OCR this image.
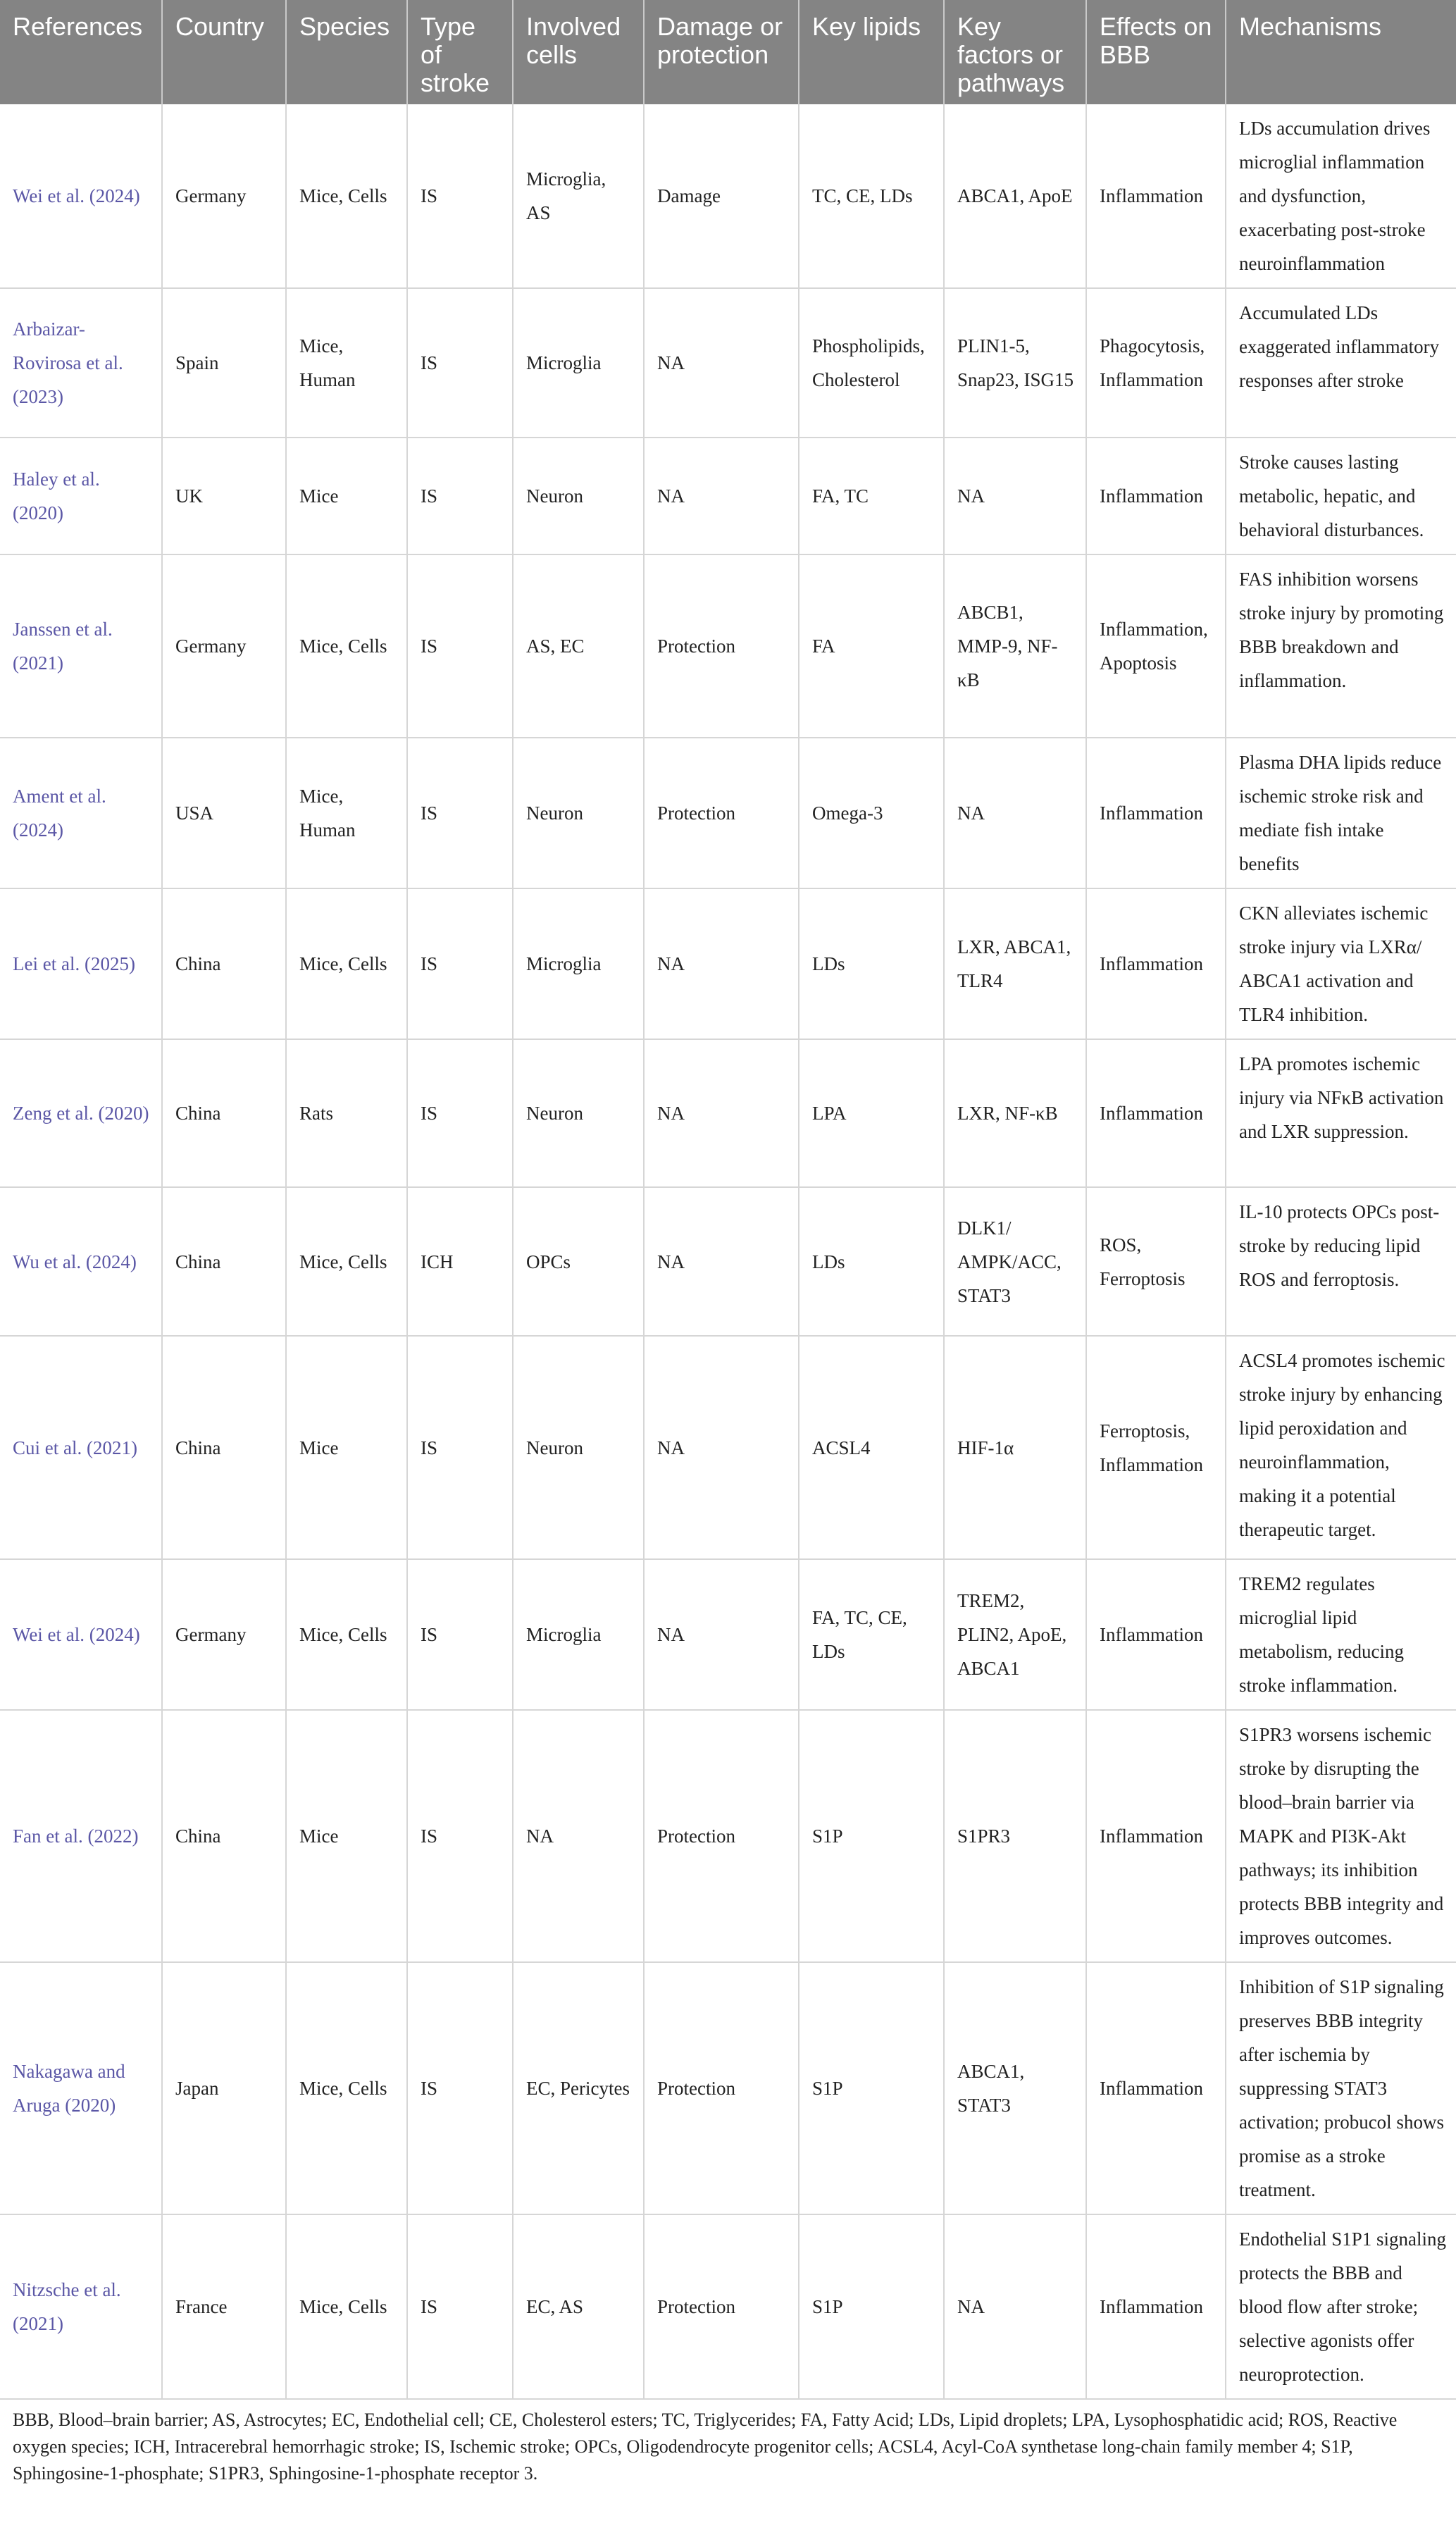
References	Country	Species	Type of stroke	Involved cells	Damage or protection	Key lipids	Key factors or pathways	Effects on BBB	Mechanisms
Wei et al. (2024)	Germany	Mice, Cells	IS	Microglia, AS	Damage	TC, CE, LDs	ABCA1, ApoE	Inflammation	LDs accumulation drives microglial inflammation and dysfunction, exacerbating post-stroke neuroinflammation
Arbaizar-Rovirosa et al. (2023)	Spain	Mice, Human	IS	Microglia	NA	Phospholipids, Cholesterol	PLIN1-5, Snap23, ISG15	Phagocytosis, Inflammation	Accumulated LDs exaggerated inflammatory responses after stroke
Haley et al. (2020)	UK	Mice	IS	Neuron	NA	FA, TC	NA	Inflammation	Stroke causes lasting metabolic, hepatic, and behavioral disturbances.
Janssen et al. (2021)	Germany	Mice, Cells	IS	AS, EC	Protection	FA	ABCB1, MMP-9, NF-κB	Inflammation, Apoptosis	FAS inhibition worsens stroke injury by promoting BBB breakdown and inflammation.
Ament et al. (2024)	USA	Mice, Human	IS	Neuron	Protection	Omega-3	NA	Inflammation	Plasma DHA lipids reduce ischemic stroke risk and mediate fish intake benefits
Lei et al. (2025)	China	Mice, Cells	IS	Microglia	NA	LDs	LXR, ABCA1, TLR4	Inflammation	CKN alleviates ischemic stroke injury via LXRα/ ABCA1 activation and TLR4 inhibition.
Zeng et al. (2020)	China	Rats	IS	Neuron	NA	LPA	LXR, NF-κB	Inflammation	LPA promotes ischemic injury via NFκB activation and LXR suppression.
Wu et al. (2024)	China	Mice, Cells	ICH	OPCs	NA	LDs	DLK1/ AMPK/ACC, STAT3	ROS, Ferroptosis	IL-10 protects OPCs post-stroke by reducing lipid ROS and ferroptosis.
Cui et al. (2021)	China	Mice	IS	Neuron	NA	ACSL4	HIF-1α	Ferroptosis, Inflammation	ACSL4 promotes ischemic stroke injury by enhancing lipid peroxidation and neuroinflammation, making it a potential therapeutic target.
Wei et al. (2024)	Germany	Mice, Cells	IS	Microglia	NA	FA, TC, CE, LDs	TREM2, PLIN2, ApoE, ABCA1	Inflammation	TREM2 regulates microglial lipid metabolism, reducing stroke inflammation.
Fan et al. (2022)	China	Mice	IS	NA	Protection	S1P	S1PR3	Inflammation	S1PR3 worsens ischemic stroke by disrupting the blood–brain barrier via MAPK and PI3K-Akt pathways; its inhibition protects BBB integrity and improves outcomes.
Nakagawa and Aruga (2020)	Japan	Mice, Cells	IS	EC, Pericytes	Protection	S1P	ABCA1, STAT3	Inflammation	Inhibition of S1P signaling preserves BBB integrity after ischemia by suppressing STAT3 activation; probucol shows promise as a stroke treatment.
Nitzsche et al. (2021)	France	Mice, Cells	IS	EC, AS	Protection	S1P	NA	Inflammation	Endothelial S1P1 signaling protects the BBB and blood flow after stroke; selective agonists offer neuroprotection.
BBB, Blood–brain barrier; AS, Astrocytes; EC, Endothelial cell; CE, Cholesterol esters; TC, Triglycerides; FA, Fatty Acid; LDs, Lipid droplets; LPA, Lysophosphatidic acid; ROS, Reactive oxygen species; ICH, Intracerebral hemorrhagic stroke; IS, Ischemic stroke; OPCs, Oligodendrocyte progenitor cells; ACSL4, Acyl-CoA synthetase long-chain family member 4; S1P, Sphingosine-1-phosphate; S1PR3, Sphingosine-1-phosphate receptor 3.
